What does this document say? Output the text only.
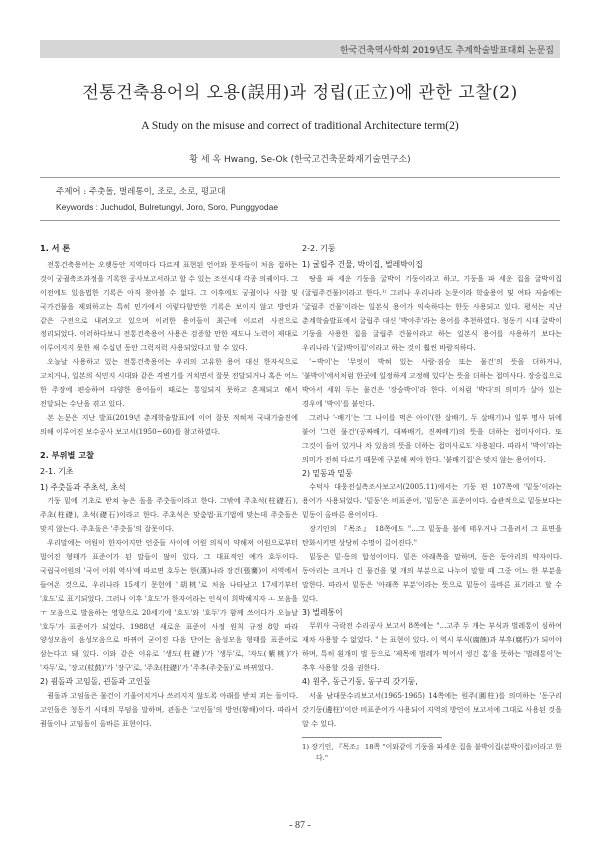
한국건축역사학회 2019년도 추계학술발표대회 논문집
전통건축용어의 오용(誤用)과 정립(正立)에 관한 고찰(2)
A Study on the misuse and correct of traditional Architecture term(2)
황 세 옥 Hwang, Se-Ok (한국고건축문화재기술연구소)
주제어 : 주춧돌, 벌레통이, 조로, 소로, 평교대
Keywords : Juchudol, Bulretungyi, Joro, Soro, Punggyodae
1. 서 론

전통건축용어는 오랫동안 지역마다 다르게 표현된 언어와 문자들이 처음 접하는 것이 궁궐축조과정을 기록한 공사보고서라고 할 수 있는 조선시대 각종 의궤이다. 그 이전에도 있음법한 기록은 아직 찾아볼 수 없다. 그 이후에도 궁궐이나 사찰 및 국가건물을 제외하고는 특히 민가에서 이렇다할만한 기록은 보이지 않고 방언과 같은 구전으로 내려오고 있으며 이러한 용어들이 최근에 이르러 사전으로 정리되었다. 이러하다보니 전통건축용어 사용은 검증할 만한 제도나 노력이 제대로 이루어지지 못한 채 수십년 동안 그럭저럭 사용되었다고 할 수 있다.

오늘날 사용하고 있는 전통건축용어는 우리의 고유한 용어 대신 한자식으로 고치거나, 일본의 식민지 시대와 같은 격변기를 거치면서 잘못 전달되거나 혹은 어느 한 주장에 편승하여 다양한 용어들이 때로는 통일되지 못하고 혼재되고 해서 전달되는 수난을 겪고 있다.

본 논문은 지난 발표(2019년 춘계학술발표)에 이어 잘못 적혀져 국내기술진에 의해 이루어진 보수공사 보고서(1950~60)를 참고하였다.

2. 부위별 고찰
2-1. 기초
1) 주춧돌과 주초석, 초석

기둥 밑에 기초로 받쳐 놓은 돌을 주춧돌이라고 한다. 그밖에 주초석(柱礎石), 주초(柱礎), 초석(礎石)이라고 한다. 주초석은 맞춤법·표기법에 맞는데 주춧돌은 맞지 않는다. 주초돌은 '주춧돌'의 잘못이다.

우리말에는 어원이 한자어지만 언중들 사이에 어원 의식이 약해져 어원으로부터 멀어진 형태가 표준어가 된 말들이 많이 있다. 그 대표적인 예가 호두이다. 국립국어원의 '국어 어휘 역사'에 따르면 호두는 한(漢)나라 장건(張騫)이 서역에서 들여온 것으로, 우리나라 15세기 문헌에 '胡桃'로 처음 나타났고 17세기부터 '호도'로 표기되었다. 그러나 이후 '호도'가 한자어라는 인식이 희박해지자 ㅗ 모음을 ㅜ 모음으로 발음하는 영향으로 20세기에 '호도'와 '호두'가 함께 쓰이다가 오늘날 '호두'가 표준어가 되었다. 1988년 새로운 표준어 사정 원칙 규정 8항 따라 양성모음이 음성모음으로 바뀌어 굳어진 다음 단어는 음성모음 형태를 표준어로 삼는다고 돼 있다. 이와 같은 이유로 '생도(柱礎)'가 '생두'로, '자도(紫桃)'가 '자두'로, '장고(杖鼓)'가 '장구'로, '주초(柱礎)'가 '주추(주춧돌)'로 바뀌었다.

2) 굄돌과 고임돌, 괸돌과 고인돌

굄돌과 고임돌은 물건이 기울어지거나 쓰러지지 않도록 아래를 받쳐 괴는 돌이다. 고인돌은 청동기 시대의 무덤을 말하며, 괸돌은 '고인돌'의 방언(황해)이다. 따라서 굄돌이나 고임돌이 올바른 표현이다.

2-2. 기둥
1) 굴립주 건물, 박이집, 벌레박이집

땅을 파 세운 기둥을 굴박이 기둥이라고 하고, 기둥을 파 세운 집을 굴박이집(굴립주건물)이라고 한다.¹⁾ 그러나 우리나라 논문이라 학술용어 및 여타 저술에는 '굴립주 건물'이라는 일본식 용어가 익숙하다는 한듯 사용되고 있다. 평석는 지난 춘계학술발표에서 굴립주 대신 '박아주'라는 용어를 추천하였다. 청동기 시대 굴박이 기둥을 사용한 집을 굴립주 건물이라고 하는 일본식 용어를 사용하기 보다는 우리나라 '(굴)박이집'이라고 하는 것이 훨씬 바람직하다.

'~박이'는 '무엇이 박혀 있는 사람·짐승 또는 물건'의 뜻을 더하거나, '붙박이'에서처럼 한곳에 일정하게 고정해 있다'는 뜻을 더하는 접미사다. 장승집으로 박아서 세워 두는 물건은 '장승박이'라 한다. 이처럼 '박다'의 의미가 살아 있는 경우에 '박이'를 붙인다.

그러나 '-배기'는 '그 나이를 먹은 아이'(한 살배기, 두 살배기)나 일부 명사 뒤에 붙어 '그런 물건'(공짜배기, 대짜배기, 진짜배기)의 뜻을 더하는 접미사이다. 또 그것이 들어 있거나 차 있음의 뜻을 더하는 접미사로도 사용된다. 따라서 '박이'라는 의미가 전혀 다르기 때문에 구분해 써야 한다. '붙배기집'은 맞지 않는 용어이다.

2) 밑동과 밑둥

수덕사 대웅전실측조사보고서(2005.11)에서는 기둥 편 107쪽에 '밑둥'이라는 용어가 사용되었다. '밑둥'은 비표준어, '밑동'은 표준어이다. 습관적으로 밑둥보다는 밑동이 올바른 용어이다.

장기인의 『목조』 18쪽에도 "...그 밑둥을 불에 태우거나 그을려서 그 표면을 탄화시키면 상당히 수명이 길어진다."

밑둥은 밑-동의 합성어이다. 밑은 아래쪽을 말하며, 동은 동아리의 약자이다. 동아리는 크거나 긴 물건을 몇 개의 부분으로 나누어 말할 때 그중 어느 한 부분을 말한다. 따라서 밑동은 '아래쪽 부분'이라는 뜻으로 밑동이 올바른 표기라고 할 수 있다.

3) 벌레통이

무위사 극락전 수리공사 보고서 8쪽에는 "...고주 두 개는 부식과 벌레통이 심하여 재차 사용할 수 없었다. " 는 표현이 있다. 이 역시 부식(腐蝕)과 부후(腐朽)가 되어야 하며, 특히 흰개미 벌 등으로 '제목에 벌레가 먹어서 생긴 흠'을 뜻하는 '벌레통이'는 추후 사용할 것을 권한다.

4) 원주, 동근기둥, 동구리 갓기둥,

서울 남대문수리보고서(1965·1965) 14쪽에는 원주(圓柱)를 의미하는 '동구리 갓기둥(邊柱)'이란 비표준어가 사용되어 지역의 방언이 보고서에 그대로 사용된 것을 알 수 있다.

1) 장기인, 『목조』 18쪽 "이와같이 기둥을 파세운 집을 불박이집(분박이집)이라고 한다."

- 87 -
